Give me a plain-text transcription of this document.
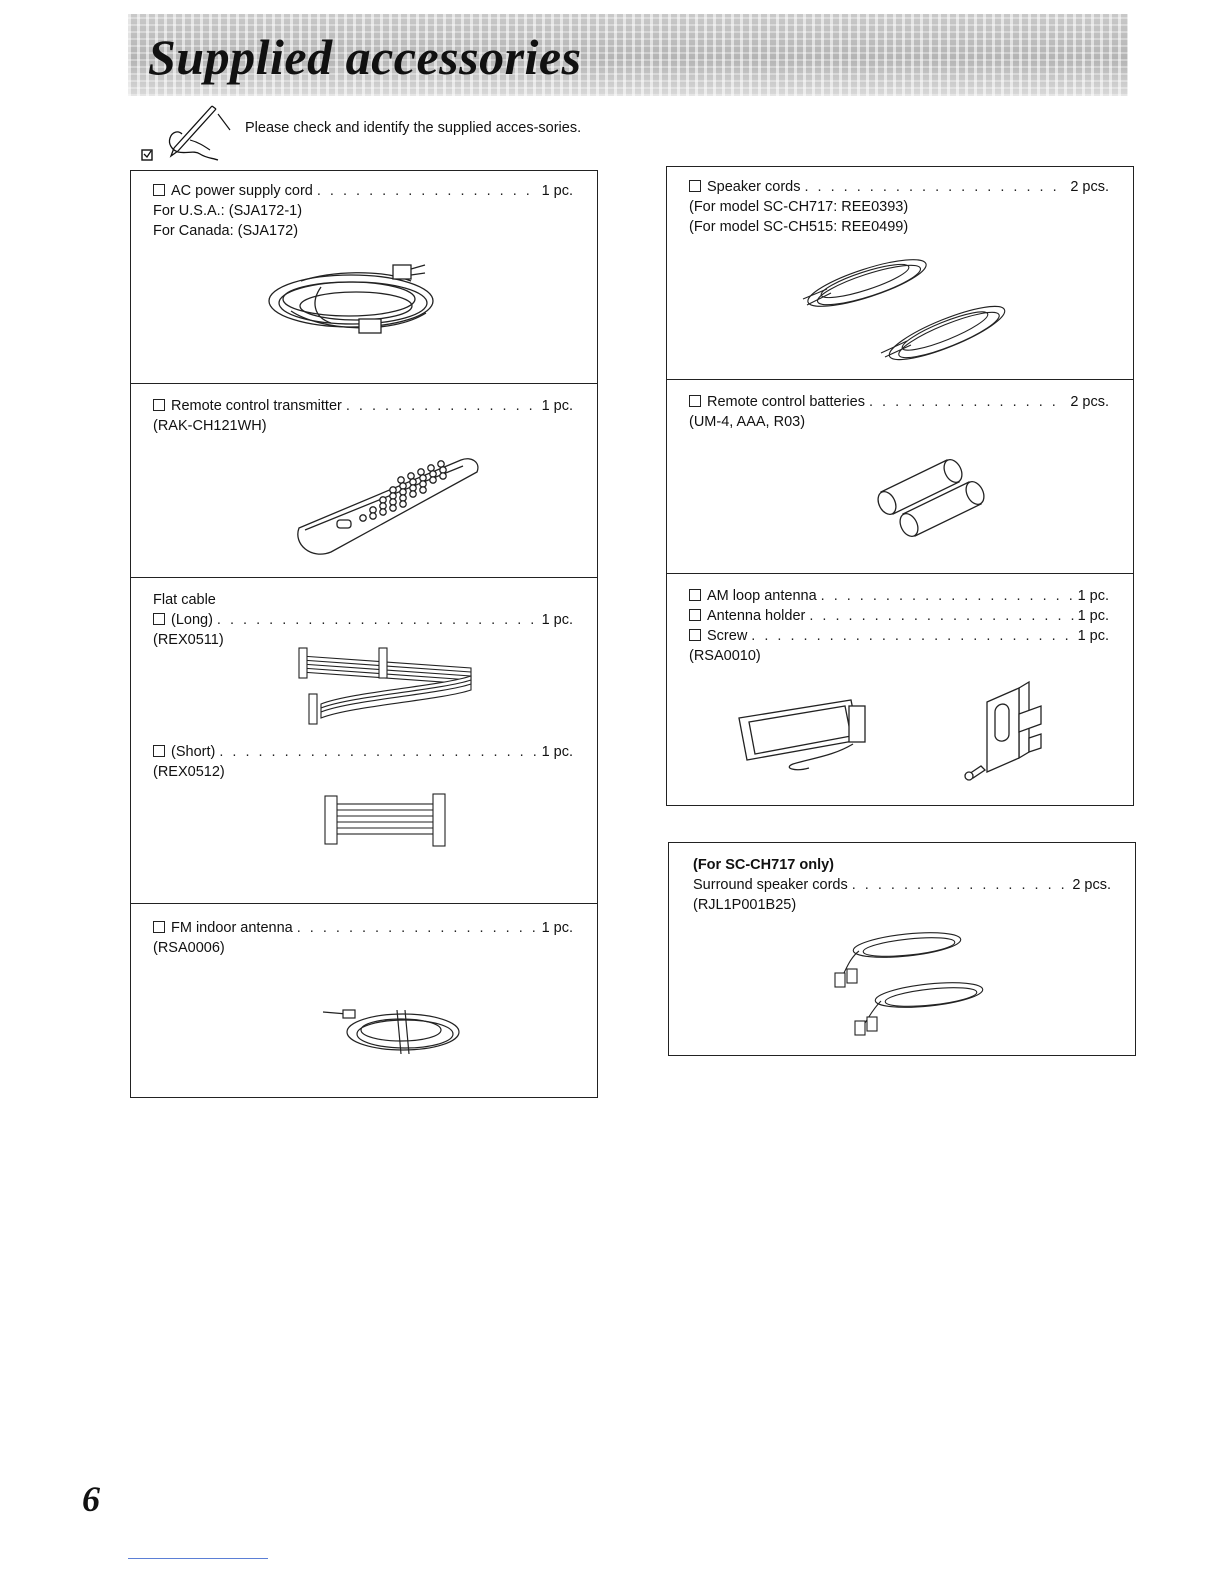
Supplied accessories
Please check and identify the supplied acces-sories.
AC power supply cord . . .	1 pc.
For U.S.A.: (SJA172-1)
For Canada: (SJA172)
Remote control transmitter . . .	1 pc.
(RAK-CH121WH)
Flat cable
(Long) . . .	1 pc.
(REX0511)
(Short) . . .	1 pc.
(REX0512)
FM indoor antenna . . .	1 pc.
(RSA0006)
Speaker cords . . .	2 pcs.
(For model SC-CH717: REE0393)
(For model SC-CH515: REE0499)
Remote control batteries . . .	2 pcs.
(UM-4, AAA, R03)
AM loop antenna . . .	1 pc.
Antenna holder . . .	1 pc.
Screw . . .	1 pc.
(RSA0010)
(For SC-CH717 only)
Surround speaker cords . . .	2 pcs.
(RJL1P001B25)
6
